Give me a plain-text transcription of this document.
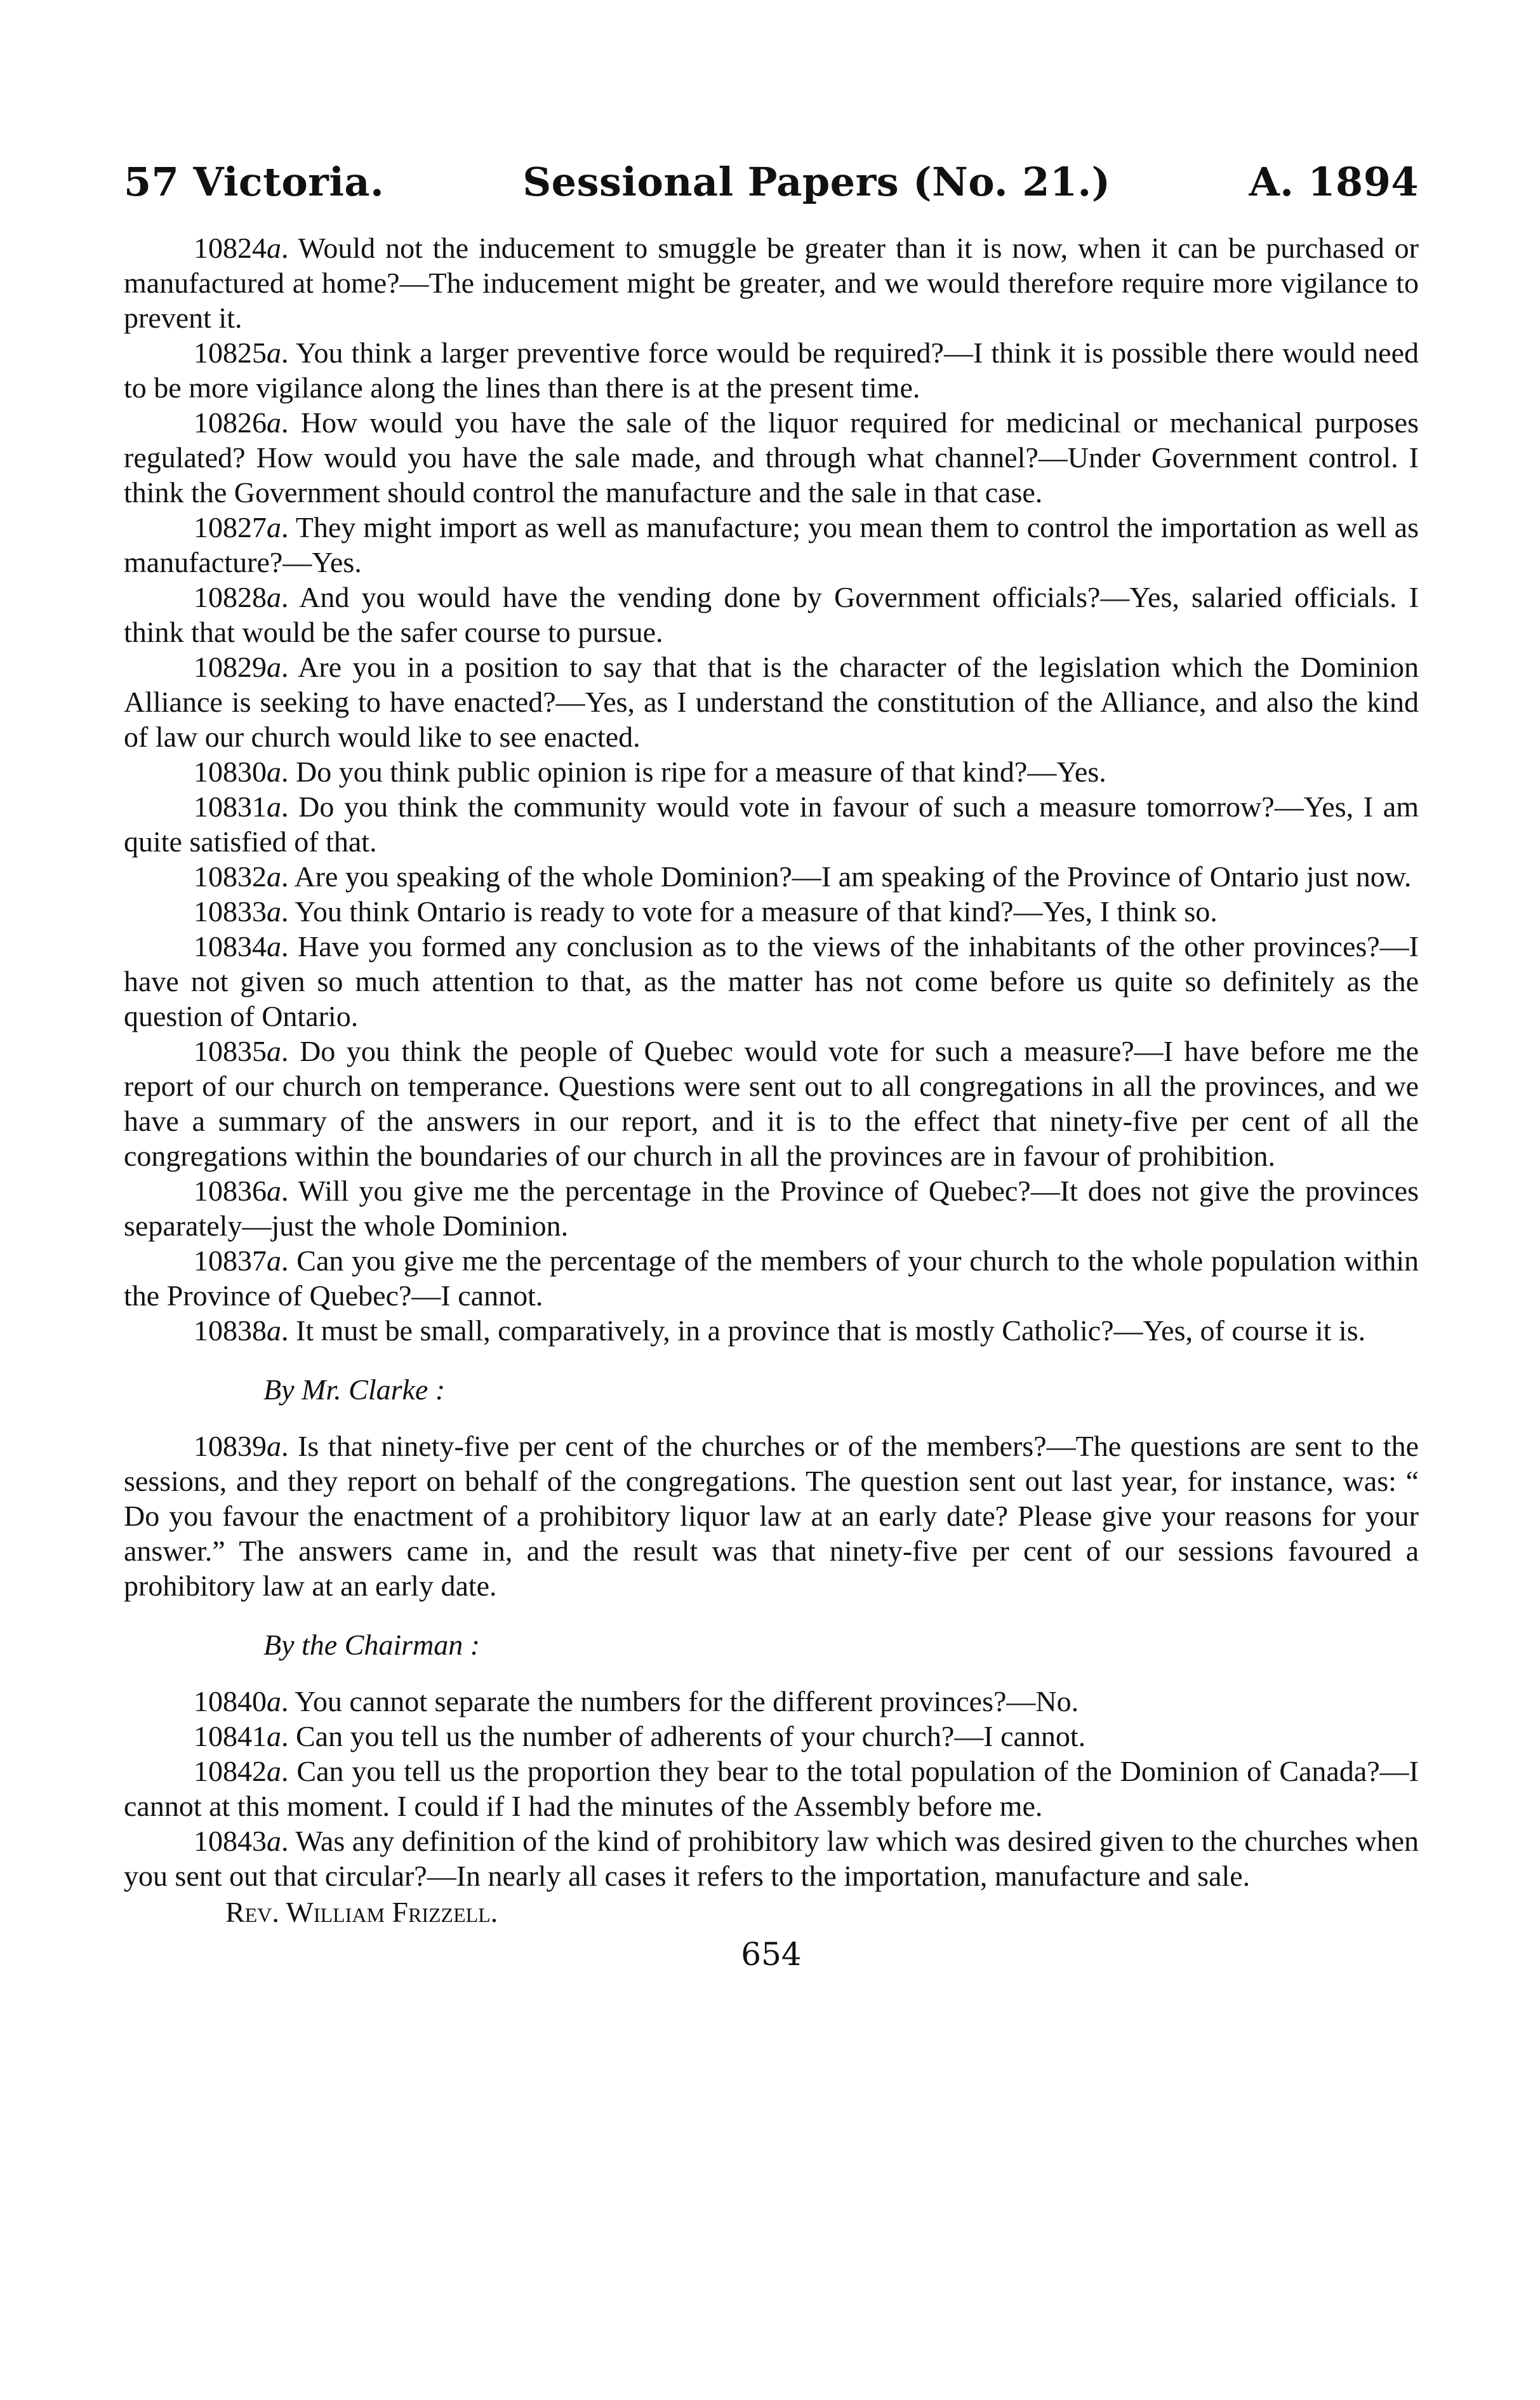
57 Victoria.	Sessional Papers (No. 21.)	A. 1894

10824a. Would not the inducement to smuggle be greater than it is now, when it can be purchased or manufactured at home?—The inducement might be greater, and we would therefore require more vigilance to prevent it.

10825a. You think a larger preventive force would be required?—I think it is possible there would need to be more vigilance along the lines than there is at the present time.

10826a. How would you have the sale of the liquor required for medicinal or mechanical purposes regulated? How would you have the sale made, and through what channel?—Under Government control. I think the Government should control the manufacture and the sale in that case.

10827a. They might import as well as manufacture; you mean them to control the importation as well as manufacture?—Yes.

10828a. And you would have the vending done by Government officials?—Yes, salaried officials. I think that would be the safer course to pursue.

10829a. Are you in a position to say that that is the character of the legislation which the Dominion Alliance is seeking to have enacted?—Yes, as I understand the constitution of the Alliance, and also the kind of law our church would like to see enacted.

10830a. Do you think public opinion is ripe for a measure of that kind?—Yes.

10831a. Do you think the community would vote in favour of such a measure tomorrow?—Yes, I am quite satisfied of that.

10832a. Are you speaking of the whole Dominion?—I am speaking of the Province of Ontario just now.

10833a. You think Ontario is ready to vote for a measure of that kind?—Yes, I think so.

10834a. Have you formed any conclusion as to the views of the inhabitants of the other provinces?—I have not given so much attention to that, as the matter has not come before us quite so definitely as the question of Ontario.

10835a. Do you think the people of Quebec would vote for such a measure?—I have before me the report of our church on temperance. Questions were sent out to all congregations in all the provinces, and we have a summary of the answers in our report, and it is to the effect that ninety-five per cent of all the congregations within the boundaries of our church in all the provinces are in favour of prohibition.

10836a. Will you give me the percentage in the Province of Quebec?—It does not give the provinces separately—just the whole Dominion.

10837a. Can you give me the percentage of the members of your church to the whole population within the Province of Quebec?—I cannot.

10838a. It must be small, comparatively, in a province that is mostly Catholic?—Yes, of course it is.

By Mr. Clarke :

10839a. Is that ninety-five per cent of the churches or of the members?—The questions are sent to the sessions, and they report on behalf of the congregations. The question sent out last year, for instance, was: “ Do you favour the enactment of a prohibitory liquor law at an early date? Please give your reasons for your answer.” The answers came in, and the result was that ninety-five per cent of our sessions favoured a prohibitory law at an early date.

By the Chairman :

10840a. You cannot separate the numbers for the different provinces?—No.

10841a. Can you tell us the number of adherents of your church?—I cannot.

10842a. Can you tell us the proportion they bear to the total population of the Dominion of Canada?—I cannot at this moment. I could if I had the minutes of the Assembly before me.

10843a. Was any definition of the kind of prohibitory law which was desired given to the churches when you sent out that circular?—In nearly all cases it refers to the importation, manufacture and sale.

Rev. William Frizzell.
654
